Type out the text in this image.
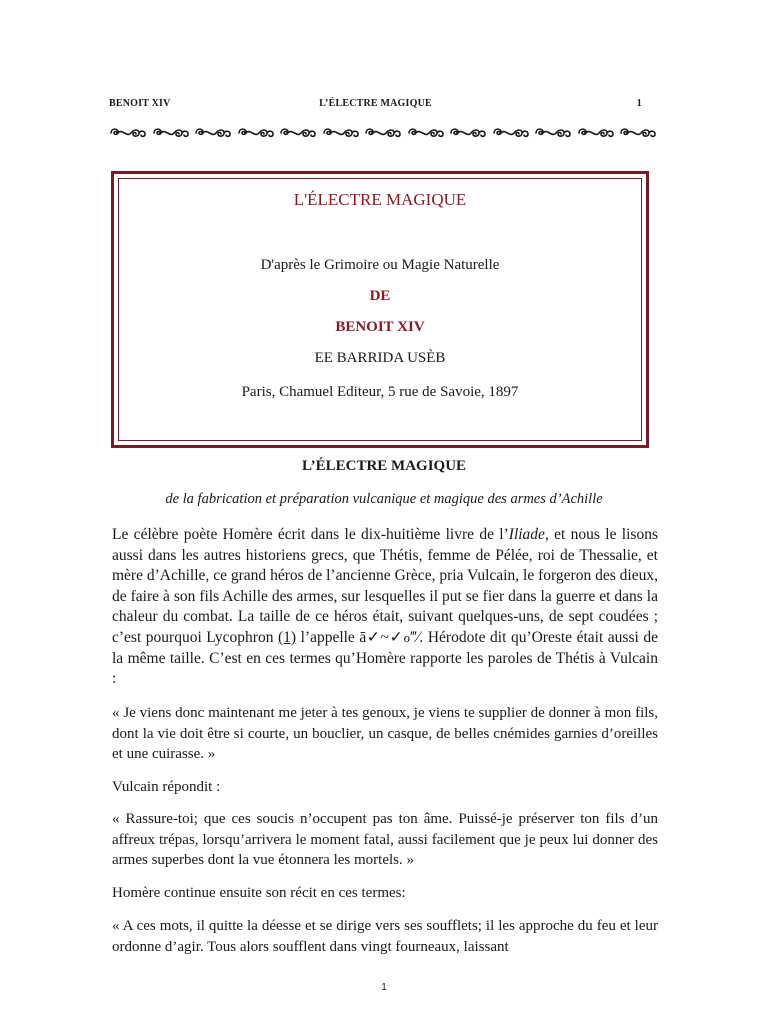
BENOIT XIV	L’ÉLECTRE MAGIQUE	1
L'ÉLECTRE MAGIQUE
D'après le Grimoire ou Magie Naturelle
DE
BENOIT XIV
EE BARRIDA USÈB
Paris, Chamuel Editeur, 5 rue de Savoie, 1897
L’ÉLECTRE MAGIQUE
de la fabrication et préparation vulcanique et magique des armes d’Achille

Le célèbre poète Homère écrit dans le dix-huitième livre de l’Iliade, et nous le lisons aussi dans les autres historiens grecs, que Thétis, femme de Pélée, roi de Thessalie, et mère d’Achille, ce grand héros de l’ancienne Grèce, pria Vulcain, le forgeron des dieux, de faire à son fils Achille des armes, sur lesquelles il put se fier dans la guerre et dans la chaleur du combat. La taille de ce héros était, suivant quelques-uns, de sept coudées ; c’est pourquoi Lycophron (1) l’appelle ā✓~✓ℴ‴⁄. Hérodote dit qu’Oreste était aussi de la même taille. C’est en ces termes qu’Homère rapporte les paroles de Thétis à Vulcain :

« Je viens donc maintenant me jeter à tes genoux, je viens te supplier de donner à mon fils, dont la vie doit être si courte, un bouclier, un casque, de belles cnémides garnies d’oreilles et une cuirasse. »

Vulcain répondit :

« Rassure-toi; que ces soucis n’occupent pas ton âme. Puissé-je préserver ton fils d’un affreux trépas, lorsqu’arrivera le moment fatal, aussi facilement que je peux lui donner des armes superbes dont la vue étonnera les mortels. »

Homère continue ensuite son récit en ces termes:

« A ces mots, il quitte la déesse et se dirige vers ses soufflets; il les approche du feu et leur ordonne d’agir. Tous alors soufflent dans vingt fourneaux, laissant

1
